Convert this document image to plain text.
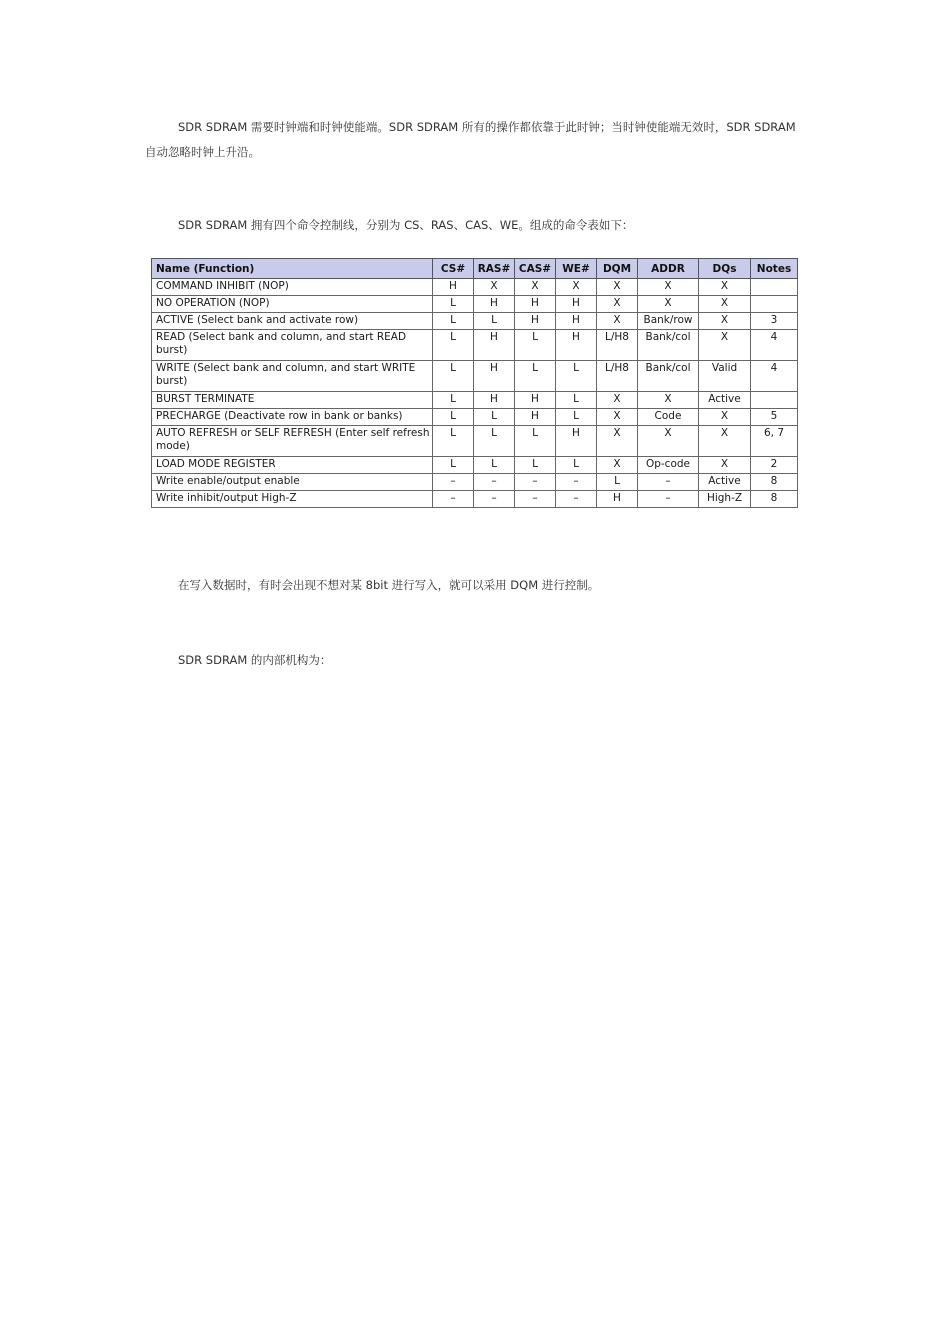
SDR SDRAM 需要时钟端和时钟使能端。SDR SDRAM 所有的操作都依靠于此时钟；当时钟使能端无效时，SDR SDRAM 自动忽略时钟上升沿。

SDR SDRAM 拥有四个命令控制线，分别为 CS、RAS、CAS、WE。组成的命令表如下：

Name (Function)	CS#	RAS#	CAS#	WE#	DQM	ADDR	DQs	Notes
COMMAND INHIBIT (NOP)	H	X	X	X	X	X	X	
NO OPERATION (NOP)	L	H	H	H	X	X	X	
ACTIVE (Select bank and activate row)	L	L	H	H	X	Bank/row	X	3
READ (Select bank and column, and start READ burst)	L	H	L	H	L/H8	Bank/col	X	4
WRITE (Select bank and column, and start WRITE burst)	L	H	L	L	L/H8	Bank/col	Valid	4
BURST TERMINATE	L	H	H	L	X	X	Active	
PRECHARGE (Deactivate row in bank or banks)	L	L	H	L	X	Code	X	5
AUTO REFRESH or SELF REFRESH (Enter self refresh mode)	L	L	L	H	X	X	X	6, 7
LOAD MODE REGISTER	L	L	L	L	X	Op-code	X	2
Write enable/output enable	–	–	–	–	L	–	Active	8
Write inhibit/output High-Z	–	–	–	–	H	–	High-Z	8

在写入数据时，有时会出现不想对某 8bit 进行写入，就可以采用 DQM 进行控制。

SDR SDRAM 的内部机构为：
